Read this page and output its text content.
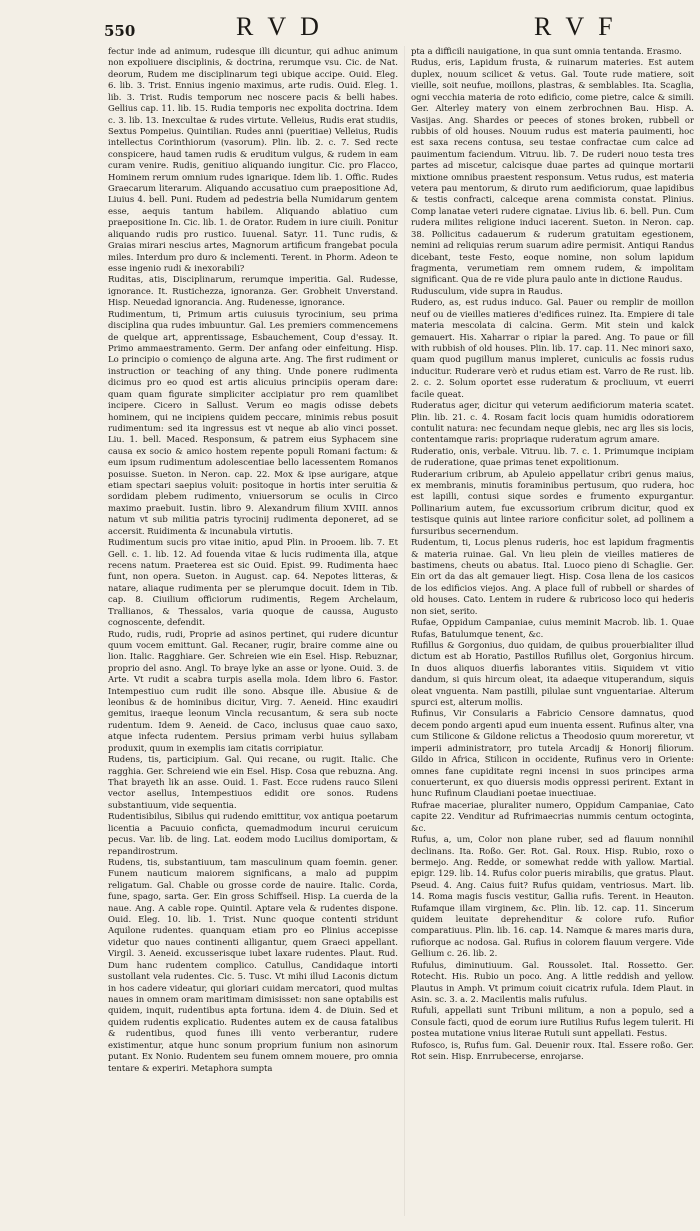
550	R V D	R V F

fectur inde ad animum, rudesque illi dicuntur, qui adhuc animum non expoliuere disciplinis, & doctrina, rerumque vsu. Cic. de Nat. deorum, Rudem me disciplinarum tegi ubique accipe. Ouid. Eleg. 6. lib. 3. Trist. Ennius ingenio maximus, arte rudis. Ouid. Eleg. 1. lib. 3. Trist. Rudis temporum nec noscere pacis & belli habes. Gellius cap. 11. lib. 15. Rudia temporis nec expolita doctrina. Idem c. 3. lib. 13. Inexcultae & rudes virtute. Velleius, Rudis erat studiis, Sextus Pompeius. Quintilian. Rudes anni (pueritiae) Velleius, Rudis intellectus Corinthiorum (vasorum). Plin. lib. 2. c. 7. Sed recte conspicere, haud tamen rudis & eruditum vulgus, & rudem in eam curam venire. Rudis, genitiuo aliquando iungitur. Cic. pro Flacco, Hominem rerum omnium rudes ignarique. Idem lib. 1. Offic. Rudes Graecarum literarum. Aliquando accusatiuo cum praepositione Ad, Liuius 4. bell. Puni. Rudem ad pedestria bella Numidarum gentem esse, aequis tantum habilem. Aliquando ablatiuo cum praepositione In. Cic. lib. 1. de Orator. Rudem in iure ciuili. Ponitur aliquando rudis pro rustico. Iuuenal. Satyr. 11. Tunc rudis, & Graias mirari nescius artes, Magnorum artificum frangebat pocula miles. Interdum pro duro & inclementi. Terent. in Phorm. Adeon te esse ingenio rudi & inexorabili?

Ruditas, atis, Disciplinarum, rerumque imperitia. Gal. Rudesse, ignorance. It. Rustichezza, ignoranza. Ger. Grobheit Unverstand. Hisp. Neuedad ignorancia. Ang. Rudenesse, ignorance.

Rudimentum, ti, Primum artis cuiusuis tyrocinium, seu prima disciplina qua rudes imbuuntur. Gal. Les premiers commencemens de quelque art, apprentissage, Esbauchement, Coup d'essay. It. Primo ammaestramento. Germ. Der anfang oder einfeitung. Hisp. Lo principio o comienço de alguna arte. Ang. The first rudiment or instruction or teaching of any thing. Unde ponere rudimenta dicimus pro eo quod est artis alicuius principiis operam dare: quam quam figurate simpliciter accipiatur pro rem quamlibet incipere. Cicero in Sallust. Verum eo magis odisse debets hominem, qui ne incipiens quidem peccare, minimis rebus posuit rudimentum: sed ita ingressus est vt neque ab alio vinci posset. Liu. 1. bell. Maced. Responsum, & patrem eius Syphacem sine causa ex socio & amico hostem repente populi Romani factum: & eum ipsum rudimentum adolescentiae bello lacessentem Romanos posuisse. Sueton. in Neron. cap. 22. Mox & ipse aurigare, atque etiam spectari saepius voluit: positoque in hortis inter seruitia & sordidam plebem rudimento, vniuersorum se oculis in Circo maximo praebuit. Iustin. libro 9. Alexandrum filium XVIII. annos natum vt sub militia patris tyrocinij rudimenta deponeret, ad se accersit. Ruidimenta & incunabula virtutis.

Rudimentum sucis pro vitae initio, apud Plin. in Prooem. lib. 7. Et Gell. c. 1. lib. 12. Ad fouenda vitae & lucis rudimenta illa, atque recens natum. Praeterea est sic Ouid. Epist. 99. Rudimenta haec funt, non opera. Sueton. in August. cap. 64. Nepotes litteras, & natare, aliaque rudimenta per se plerumque docuit. Idem in Tib. cap. 8. Ciuilium officiorum rudimentis, Regem Archelaum, Trallianos, & Thessalos, varia quoque de caussa, Augusto cognoscente, defendit.

Rudo, rudis, rudi, Proprie ad asinos pertinet, qui rudere dicuntur quum vocem emittunt. Gal. Recaner, rugir, braire comme aine ou lion. Italic. Ragghiare. Ger. Schreien wie ein Esel. Hisp. Rebuznar, proprio del asno. Angl. To braye lyke an asse or lyone. Ouid. 3. de Arte. Vt rudit a scabra turpis asella mola. Idem libro 6. Fastor. Intempestiuo cum rudit ille sono. Absque ille. Abusiue & de leonibus & de hominibus dicitur, Virg. 7. Aeneid. Hinc exaudiri gemitus, iraeque leonum Vincla recusantum, & sera sub nocte rudentum. Idem 9. Aeneid. de Caco, inclusus quae cauo saxo, atque infecta rudentem. Persius primam verbi huius syllabam produxit, quum in exemplis iam citatis corripiatur.

Rudens, tis, participium. Gal. Qui recane, ou rugit. Italic. Che ragghia. Ger. Schreiend wie ein Esel. Hisp. Cosa que rebuzna. Ang. That brayeth lik an asse. Ouid. 1. Fast. Ecce rudens rauco Sileni vector asellus, Intempestiuos edidit ore sonos. Rudens substantiuum, vide sequentia.

Rudentisibilus, Sibilus qui rudendo emittitur, vox antiqua poetarum licentia a Pacuuio conficta, quemadmodum incurui ceruicum pecus. Var. lib. de ling. Lat. eodem modo Lucilius domiportam, & repandirostrum.

Rudens, tis, substantiuum, tam masculinum quam foemin. gener. Funem nauticum maiorem significans, a malo ad puppim religatum. Gal. Chable ou grosse corde de nauire. Italic. Corda, fune, spago, sarta. Ger. Ein gross Schiffseil. Hisp. La cuerda de la naue. Ang. A cable rope. Quintil. Aptare vela & rudentes dispone. Ouid. Eleg. 10. lib. 1. Trist. Nunc quoque contenti stridunt Aquilone rudentes. quanquam etiam pro eo Plinius accepisse videtur quo naues continenti alligantur, quem Graeci appellant. Virgil. 3. Aeneid. excusserisque iubet laxare rudentes. Plaut. Rud. Dum hanc rudentem complico. Catullus, Candidaque intorti sustollant vela rudentes. Cic. 5. Tusc. Vt mihi illud Laconis dictum in hos cadere videatur, qui gloriari cuidam mercatori, quod multas naues in omnem oram maritimam dimisisset: non sane optabilis est quidem, inquit, rudentibus apta fortuna. idem 4. de Diuin. Sed et quidem rudentis explicatio. Rudentes autem ex de causa fatalibus & rudentibus, quod funes illi vento verberantur, rudere existimentur, atque hunc sonum proprium funium non asinorum putant. Ex Nonio. Rudentem seu funem omnem mouere, pro omnia tentare & experiri. Metaphora sumpta

pta a difficili nauigatione, in qua sunt omnia tentanda. Erasmo.

Rudus, eris, Lapidum frusta, & ruinarum materies. Est autem duplex, nouum scilicet & vetus. Gal. Toute rude matiere, soit vieille, soit neufue, moillons, plastras, & semblables. Ita. Scaglia, ogni vecchia materia de roto edificio, come pietre, calce & simili. Ger. Alterley matery von einem zerbrochnen Bau. Hisp. A. Vasijas. Ang. Shardes or peeces of stones broken, rubbell or rubbis of old houses. Nouum rudus est materia pauimenti, hoc est saxa recens contusa, seu testae confractae cum calce ad pauimentum faciendum. Vitruu. lib. 7. De ruderi nouo testa tres partes ad miscetur, calcisque duae partes ad quinque mortarii mixtione omnibus praestent responsum. Vetus rudus, est materia vetera pau mentorum, & diruto rum aedificiorum, quae lapidibus & testis confracti, calceque arena commista constat. Plinius. Comp lanatae veteri rudere cignatae. Livius lib. 6. bell. Pun. Cum rudera milites religione induci iacerent. Sueton. in Neron. cap. 38. Pollicitus cadauerum & ruderum gratuitam egestionem, nemini ad reliquias rerum suarum adire permisit. Antiqui Randus dicebant, teste Festo, eoque nomine, non solum lapidum fragmenta, verumetiam rem omnem rudem, & impolitam significant. Qua de re vide plura paulo ante in dictione Raudus.

Rudusculum, vide supra in Raudus.

Rudero, as, est rudus induco. Gal. Pauer ou remplir de moillon neuf ou de vieilles matieres d'edifices ruinez. Ita. Empiere di tale materia mescolata di calcina. Germ. Mit stein und kalck gemauert. His. Xaharrar o ripiar la pared. Ang. To paue or fill with rubbish of old houses. Plin. lib. 17. cap. 11. Nec minori saxo, quam quod pugillum manus impleret, cuniculis ac fossis rudus inducitur. Ruderare verò et rudus etiam est. Varro de Re rust. lib. 2. c. 2. Solum oportet esse ruderatum & procliuum, vt euerri facile queat.

Ruderatus ager, dicitur qui veterum aedificiorum materia scatet. Plin. lib. 21. c. 4. Rosam facit locis quam humidis odoratiorem contulit natura: nec fecundam neque glebis, nec arg lles sis locis, contentamque raris: propriaque ruderatum agrum amare.

Ruderatio, onis, verbale. Vitruu. lib. 7. c. 1. Primumque incipiam de ruderatione, quae primas tenet expolitionum.

Ruderarium cribrum, ab Apuleio appellatur cribri genus maius, ex membranis, minutis foraminibus pertusum, quo rudera, hoc est lapilli, contusi sique sordes e frumento expurgantur. Pollinarium autem, fue excussorium cribrum dicitur, quod ex testisque quinis aut lintee rariore conficitur solet, ad pollinem a fursuribus secernendum.

Rudentum, ti, Locus plenus ruderis, hoc est lapidum fragmentis & materia ruinae. Gal. Vn lieu plein de vieilles matieres de bastimens, cheuts ou abatus. Ital. Luoco pieno di Schaglie. Ger. Ein ort da das alt gemauer liegt. Hisp. Cosa llena de los casicos de los edificios viejos. Ang. A place full of rubbell or shardes of old houses. Cato. Lentem in rudere & rubricoso loco qui hederis non siet, serito.

Rufae, Oppidum Campaniae, cuius meminit Macrob. lib. 1. Quae Rufas, Batulumque tenent, &c.

Rufillus & Gorgonius, duo quidam, de quibus prouerbialiter illud dictum est ab Horatio, Pastillos Rufillus olet, Gorgonius hircum. In duos aliquos diuerfis laborantes vitiis. Siquidem vt vitio dandum, si quis hircum oleat, ita adaeque vituperandum, siquis oleat vnguenta. Nam pastilli, pilulae sunt vnguentariae. Alterum spurci est, alterum mollis.

Rufinus, Vir Consularis a Fabricio Censore damnatus, quod decem pondo argenti apud eum inuenta essent. Rufinus alter, vna cum Stilicone & Gildone relictus a Theodosio quum moreretur, vt imperii administratorr, pro tutela Arcadij & Honorij filiorum. Gildo in Africa, Stilicon in occidente, Rufinus vero in Oriente: omnes fane cupiditate regni incensi in suos principes arma conuerterunt, ex quo diuersis modis oppressi perirent. Extant in hunc Rufinum Claudiani poetae inuectiuae.

Rufrae maceriae, pluraliter numero, Oppidum Campaniae, Cato capite 22. Venditur ad Rufrimaecrias nummis centum octoginta, &c.

Rufus, a, um, Color non plane ruber, sed ad flauum nonnihil declinans. Ita. Roßo. Ger. Rot. Gal. Roux. Hisp. Rubio, roxo o bermejo. Ang. Redde, or somewhat redde with yallow. Martial. epigr. 129. lib. 14. Rufus color pueris mirabilis, que gratus. Plaut. Pseud. 4. Ang. Caius fuit? Rufus quidam, ventriosus. Mart. lib. 14. Roma magis fuscis vestitur, Gallia rufis. Terent. in Heauton. Rufamque illam virginem, &c. Plin. lib. 12. cap. 11. Sincerum quidem leuitate deprehenditur & colore rufo. Rufior comparatiuus. Plin. lib. 16. cap. 14. Namque & mares maris dura, rufiorque ac nodosa. Gal. Rufius in colorem flauum vergere. Vide Gellium c. 26. lib. 2.

Rufulus, diminutiuum. Gal. Roussolet. Ital. Rossetto. Ger. Rotecht. His. Rubio un poco. Ang. A little reddish and yellow. Plautus in Amph. Vt primum coiuit cicatrix rufula. Idem Plaut. in Asin. sc. 3. a. 2. Macilentis malis rufulus.

Rufuli, appellati sunt Tribuni militum, a non a populo, sed a Consule facti, quod de eorum iure Rutilius Rufus legem tulerit. Hi postea mutatione vnius literae Rutuli sunt appellati. Festus.

Rufosco, is, Rufus fum. Gal. Deuenir roux. Ital. Essere roßo. Ger. Rot sein. Hisp. Enrrubecerse, enrojarse.
